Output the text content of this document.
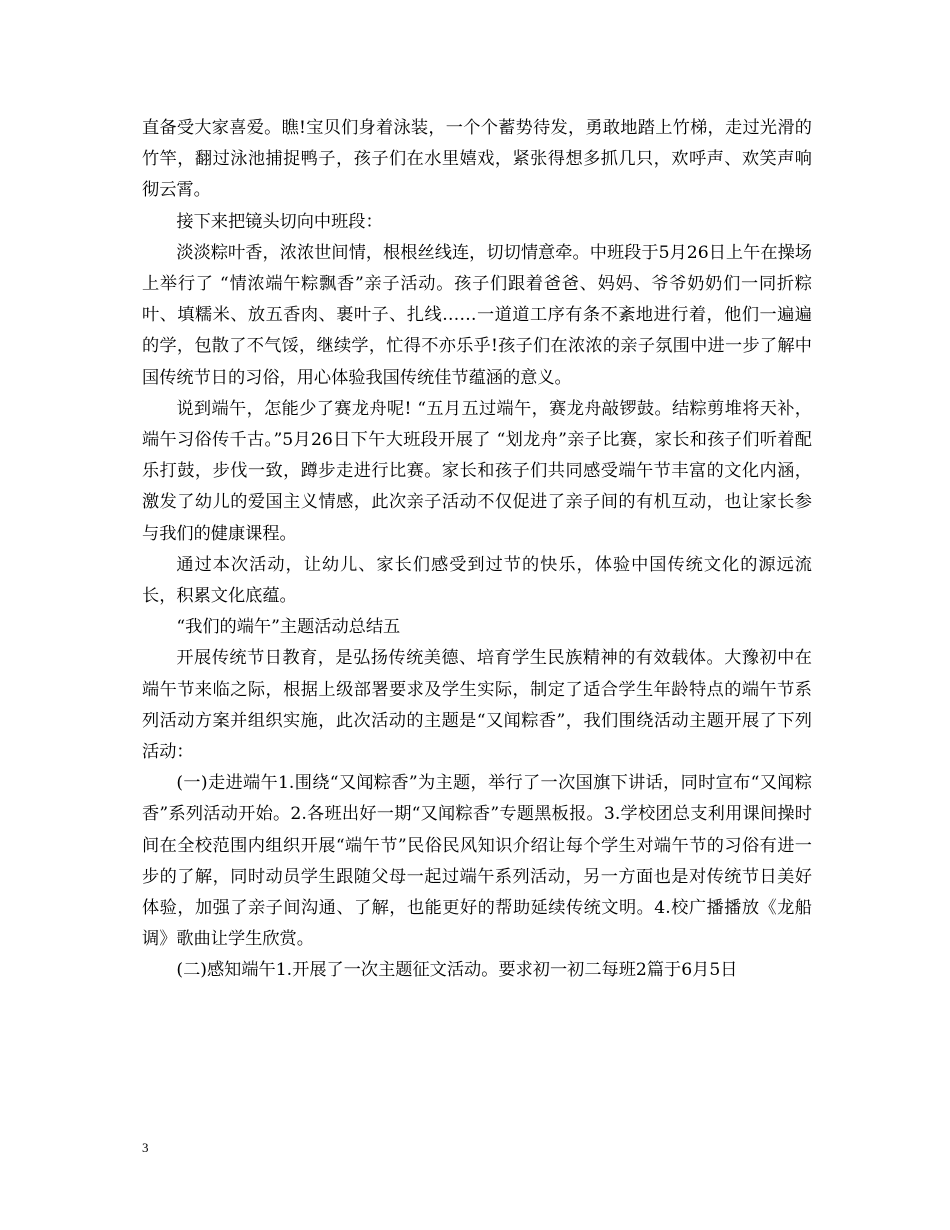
直备受大家喜爱。瞧!宝贝们身着泳装，一个个蓄势待发，勇敢地踏上竹梯，走过光滑的竹竿，翻过泳池捕捉鸭子，孩子们在水里嬉戏，紧张得想多抓几只，欢呼声、欢笑声响彻云霄。

接下来把镜头切向中班段：

淡淡粽叶香，浓浓世间情，根根丝线连，切切情意牵。中班段于5月26日上午在操场上举行了 “情浓端午粽飘香”亲子活动。孩子们跟着爸爸、妈妈、爷爷奶奶们一同折粽叶、填糯米、放五香肉、裹叶子、扎线……一道道工序有条不紊地进行着，他们一遍遍的学，包散了不气馁，继续学，忙得不亦乐乎!孩子们在浓浓的亲子氛围中进一步了解中国传统节日的习俗，用心体验我国传统佳节蕴涵的意义。

说到端午，怎能少了赛龙舟呢! “五月五过端午，赛龙舟敲锣鼓。结粽剪堆将天补，端午习俗传千古。”5月26日下午大班段开展了 “划龙舟”亲子比赛，家长和孩子们听着配乐打鼓，步伐一致，蹲步走进行比赛。家长和孩子们共同感受端午节丰富的文化内涵，激发了幼儿的爱国主义情感，此次亲子活动不仅促进了亲子间的有机互动，也让家长参与我们的健康课程。

通过本次活动，让幼儿、家长们感受到过节的快乐，体验中国传统文化的源远流长，积累文化底蕴。

“我们的端午”主题活动总结五

开展传统节日教育，是弘扬传统美德、培育学生民族精神的有效载体。大豫初中在端午节来临之际，根据上级部署要求及学生实际，制定了适合学生年龄特点的端午节系列活动方案并组织实施，此次活动的主题是“又闻粽香”，我们围绕活动主题开展了下列活动：

(一)走进端午1.围绕“又闻粽香”为主题，举行了一次国旗下讲话，同时宣布“又闻粽香”系列活动开始。2.各班出好一期“又闻粽香”专题黑板报。3.学校团总支利用课间操时间在全校范围内组织开展“端午节”民俗民风知识介绍让每个学生对端午节的习俗有进一步的了解，同时动员学生跟随父母一起过端午系列活动，另一方面也是对传统节日美好体验，加强了亲子间沟通、了解，也能更好的帮助延续传统文明。4.校广播播放《龙船调》歌曲让学生欣赏。

(二)感知端午1.开展了一次主题征文活动。要求初一初二每班2篇于6月5日

3
